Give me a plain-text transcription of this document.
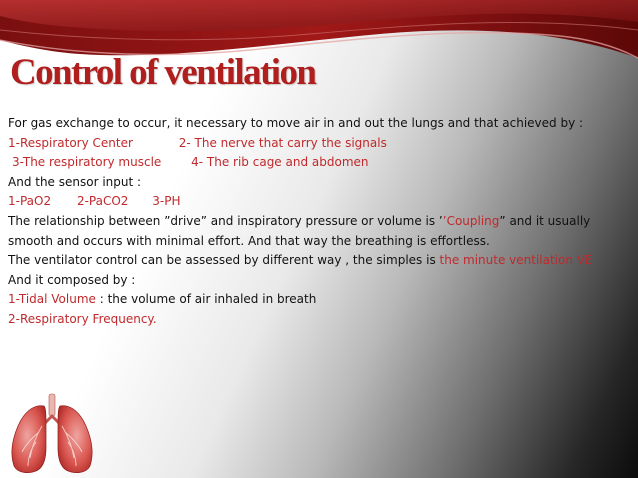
Control of ventilation
For gas exchange to occur, it necessary to move air in and out the lungs and that achieved by :
1-Respiratory Center	2- The nerve that carry the signals
3-The respiratory muscle 4- The rib cage and abdomen
And the sensor input :
1-PaO2 2-PaCO2 3-PH
The relationship between ”drive” and inspiratory pressure or volume is ’’Coupling” and it usually smooth and occurs with minimal effort. And that way the breathing is effortless.
The ventilator control can be assessed by different way , the simples is the minute ventilation VE
And it composed by :
1-Tidal Volume : the volume of air inhaled in breath
2-Respiratory Frequency.
